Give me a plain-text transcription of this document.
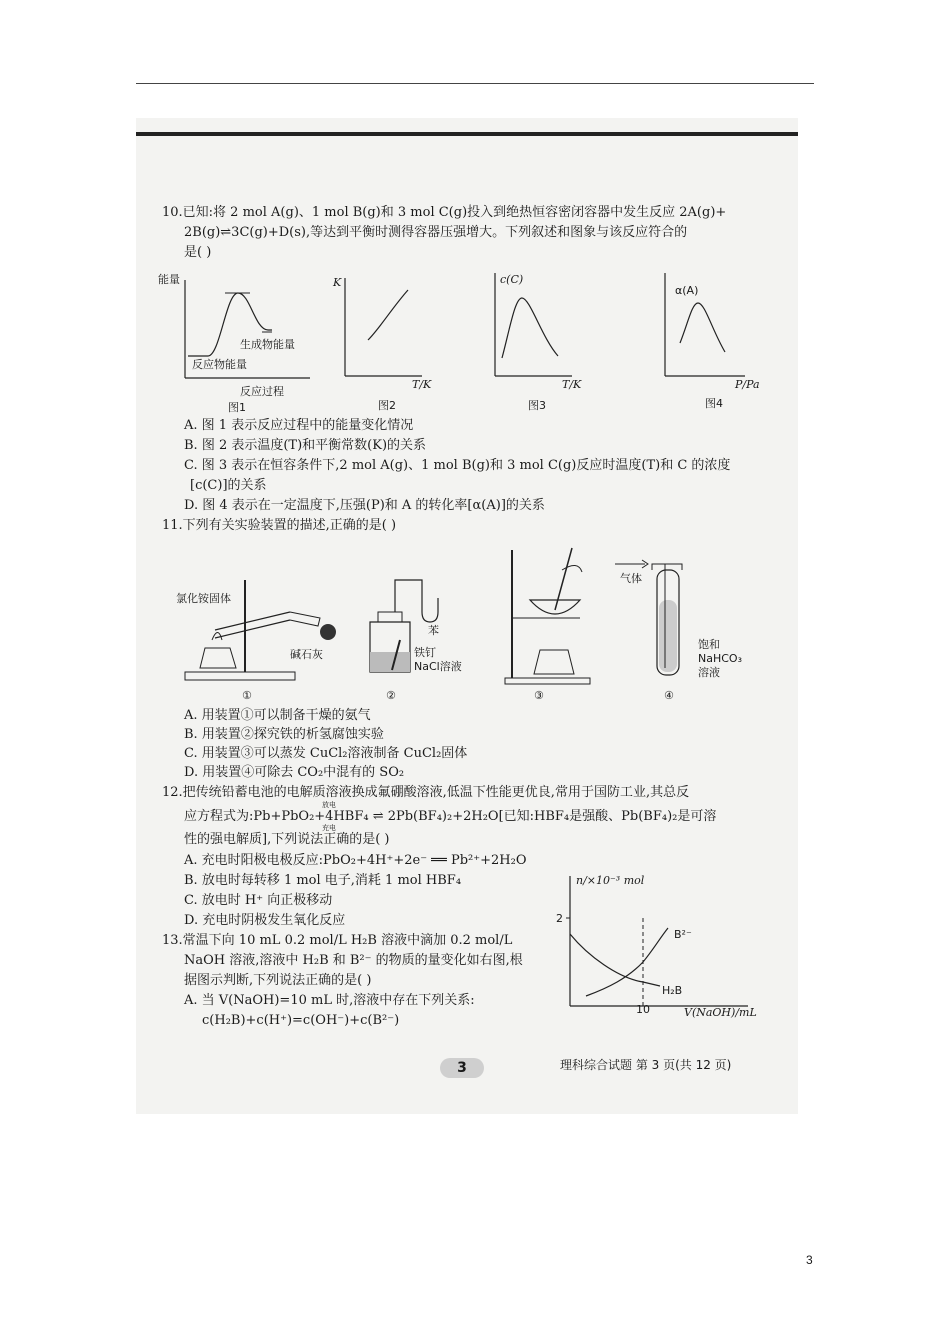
10.已知:将 2 mol A(g)、1 mol B(g)和 3 mol C(g)投入到绝热恒容密闭容器中发生反应 2A(g)+
2B(g)⇌3C(g)+D(s),等达到平衡时测得容器压强增大。下列叙述和图象与该反应符合的
是( )
能量
生成物能量
反应物能量
反应过程
图1
K
T/K
图2
c(C)
T/K
图3
α(A)
P/Pa
图4
A. 图 1 表示反应过程中的能量变化情况
B. 图 2 表示温度(T)和平衡常数(K)的关系
C. 图 3 表示在恒容条件下,2 mol A(g)、1 mol B(g)和 3 mol C(g)反应时温度(T)和 C 的浓度
[c(C)]的关系
D. 图 4 表示在一定温度下,压强(P)和 A 的转化率[α(A)]的关系
11.下列有关实验装置的描述,正确的是( )
氯化铵固体
碱石灰
①
苯
铁钉
NaCl溶液
②	③
气体
饱和
NaHCO₃
溶液
④
A. 用装置①可以制备干燥的氨气
B. 用装置②探究铁的析氢腐蚀实验
C. 用装置③可以蒸发 CuCl₂溶液制备 CuCl₂固体
D. 用装置④可除去 CO₂中混有的 SO₂
12.把传统铅蓄电池的电解质溶液换成氟硼酸溶液,低温下性能更优良,常用于国防工业,其总反
应方程式为:Pb+PbO₂+4HBF₄ ⇌ 2Pb(BF₄)₂+2H₂O[已知:HBF₄是强酸、Pb(BF₄)₂是可溶
放电
充电
性的强电解质],下列说法正确的是( )
A. 充电时阳极电极反应:PbO₂+4H⁺+2e⁻ ══ Pb²⁺+2H₂O
B. 放电时每转移 1 mol 电子,消耗 1 mol HBF₄
C. 放电时 H⁺ 向正极移动
D. 充电时阴极发生氧化反应
13.常温下向 10 mL 0.2 mol/L H₂B 溶液中滴加 0.2 mol/L
NaOH 溶液,溶液中 H₂B 和 B²⁻ 的物质的量变化如右图,根
据图示判断,下列说法正确的是( )
A. 当 V(NaOH)=10 mL 时,溶液中存在下列关系:
c(H₂B)+c(H⁺)=c(OH⁻)+c(B²⁻)
n/×10⁻³ mol
2
B²⁻
H₂B
10	V(NaOH)/mL
3	理科综合试题 第 3 页(共 12 页)
3
